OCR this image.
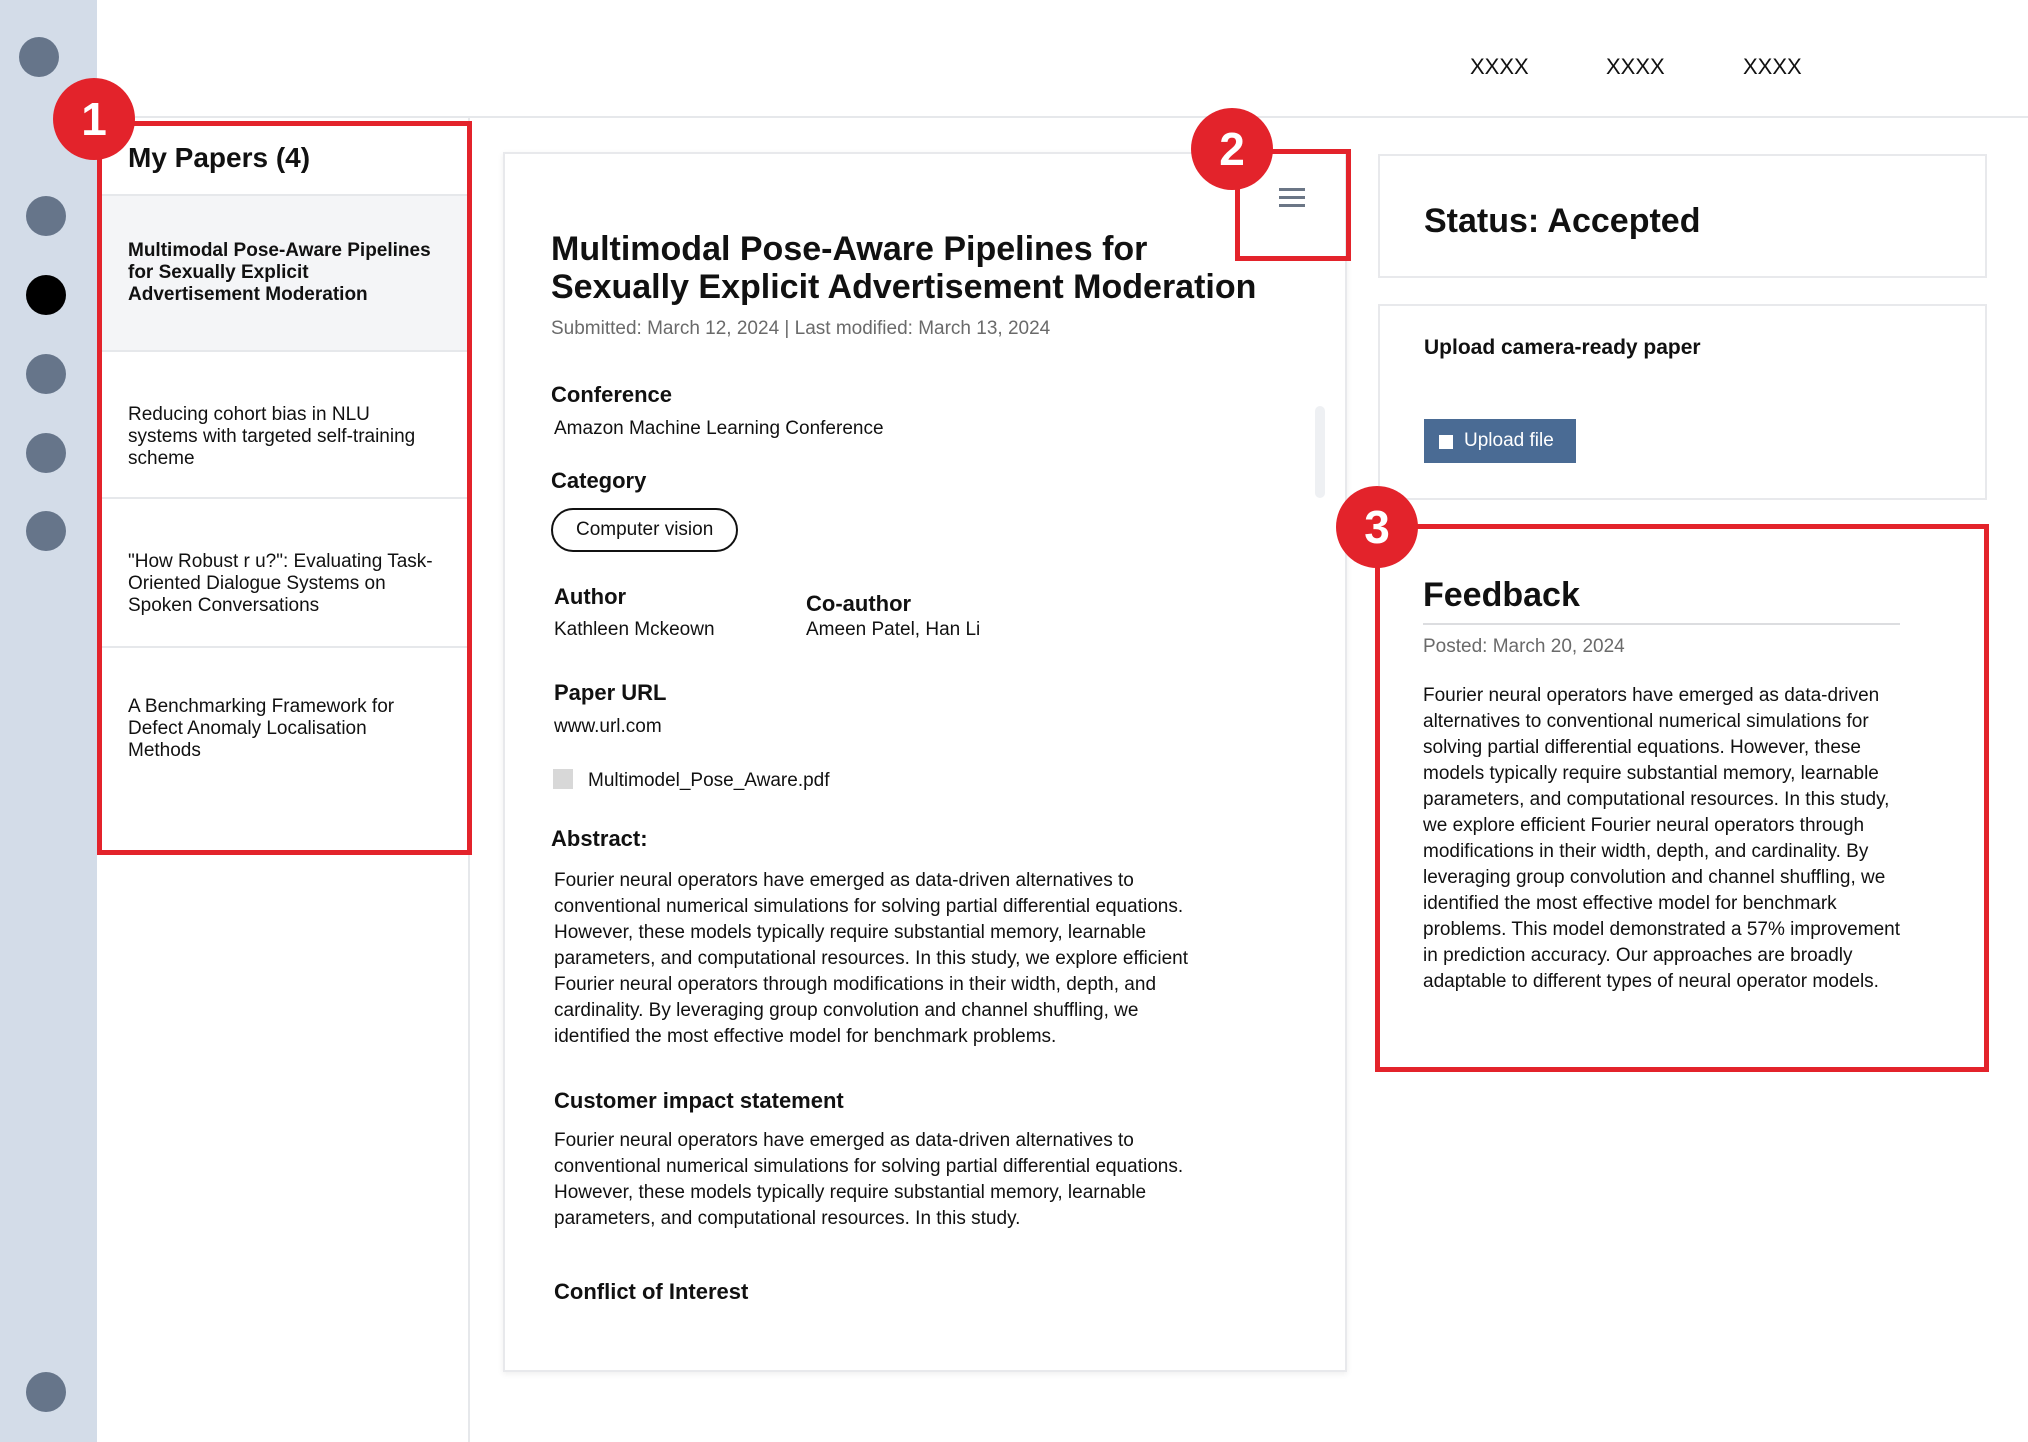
XXXX	XXXX	XXXX
My Papers (4)
Multimodal Pose-Aware Pipelines
for Sexually Explicit
Advertisement Moderation
Reducing cohort bias in NLU
systems with targeted self-training
scheme
"How Robust r u?": Evaluating Task-
Oriented Dialogue Systems on
Spoken Conversations
A Benchmarking Framework for
Defect Anomaly Localisation
Methods
Multimodal Pose-Aware Pipelines for
Sexually Explicit Advertisement Moderation
Submitted: March 12, 2024 | Last modified: March 13, 2024
Conference
Amazon Machine Learning Conference
Category
Computer vision
Author
Kathleen Mckeown
Co-author
Ameen Patel, Han Li
Paper URL
www.url.com
Multimodel_Pose_Aware.pdf
Abstract:
Fourier neural operators have emerged as data-driven alternatives to
conventional numerical simulations for solving partial differential equations.
However, these models typically require substantial memory, learnable
parameters, and computational resources. In this study, we explore efficient
Fourier neural operators through modifications in their width, depth, and
cardinality. By leveraging group convolution and channel shuffling, we
identified the most effective model for benchmark problems.
Customer impact statement
Fourier neural operators have emerged as data-driven alternatives to
conventional numerical simulations for solving partial differential equations.
However, these models typically require substantial memory, learnable
parameters, and computational resources. In this study.
Conflict of Interest
Status: Accepted
Upload camera-ready paper
Upload file
Feedback
Posted: March 20, 2024
Fourier neural operators have emerged as data-driven
alternatives to conventional numerical simulations for
solving partial differential equations. However, these
models typically require substantial memory, learnable
parameters, and computational resources. In this study,
we explore efficient Fourier neural operators through
modifications in their width, depth, and cardinality. By
leveraging group convolution and channel shuffling, we
identified the most effective model for benchmark
problems. This model demonstrated a 57% improvement
in prediction accuracy. Our approaches are broadly
adaptable to different types of neural operator models.
1
2
3
